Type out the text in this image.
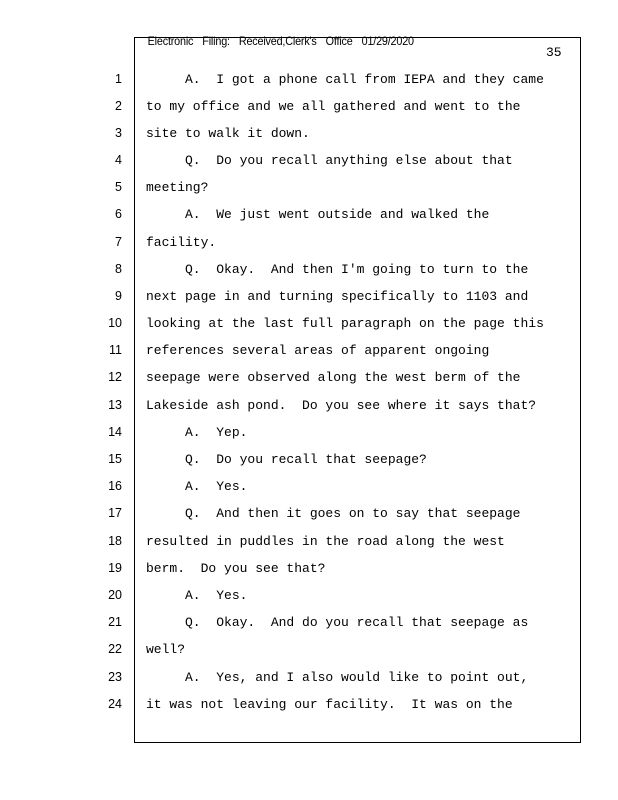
Electronic Filing: Received,Clerk's Office 01/29/2020

35
1 A.  I got a phone call from IEPA and they came
2 to my office and we all gathered and went to the
3 site to walk it down.
4 Q.  Do you recall anything else about that
5 meeting?
6 A.  We just went outside and walked the
7 facility.
8 Q.  Okay.  And then I'm going to turn to the
9 next page in and turning specifically to 1103 and
10 looking at the last full paragraph on the page this
11 references several areas of apparent ongoing
12 seepage were observed along the west berm of the
13 Lakeside ash pond.  Do you see where it says that?
14 A.  Yep.
15 Q.  Do you recall that seepage?
16 A.  Yes.
17 Q.  And then it goes on to say that seepage
18 resulted in puddles in the road along the west
19 berm.  Do you see that?
20 A.  Yes.
21 Q.  Okay.  And do you recall that seepage as
22 well?
23 A.  Yes, and I also would like to point out,
24 it was not leaving our facility.  It was on the
